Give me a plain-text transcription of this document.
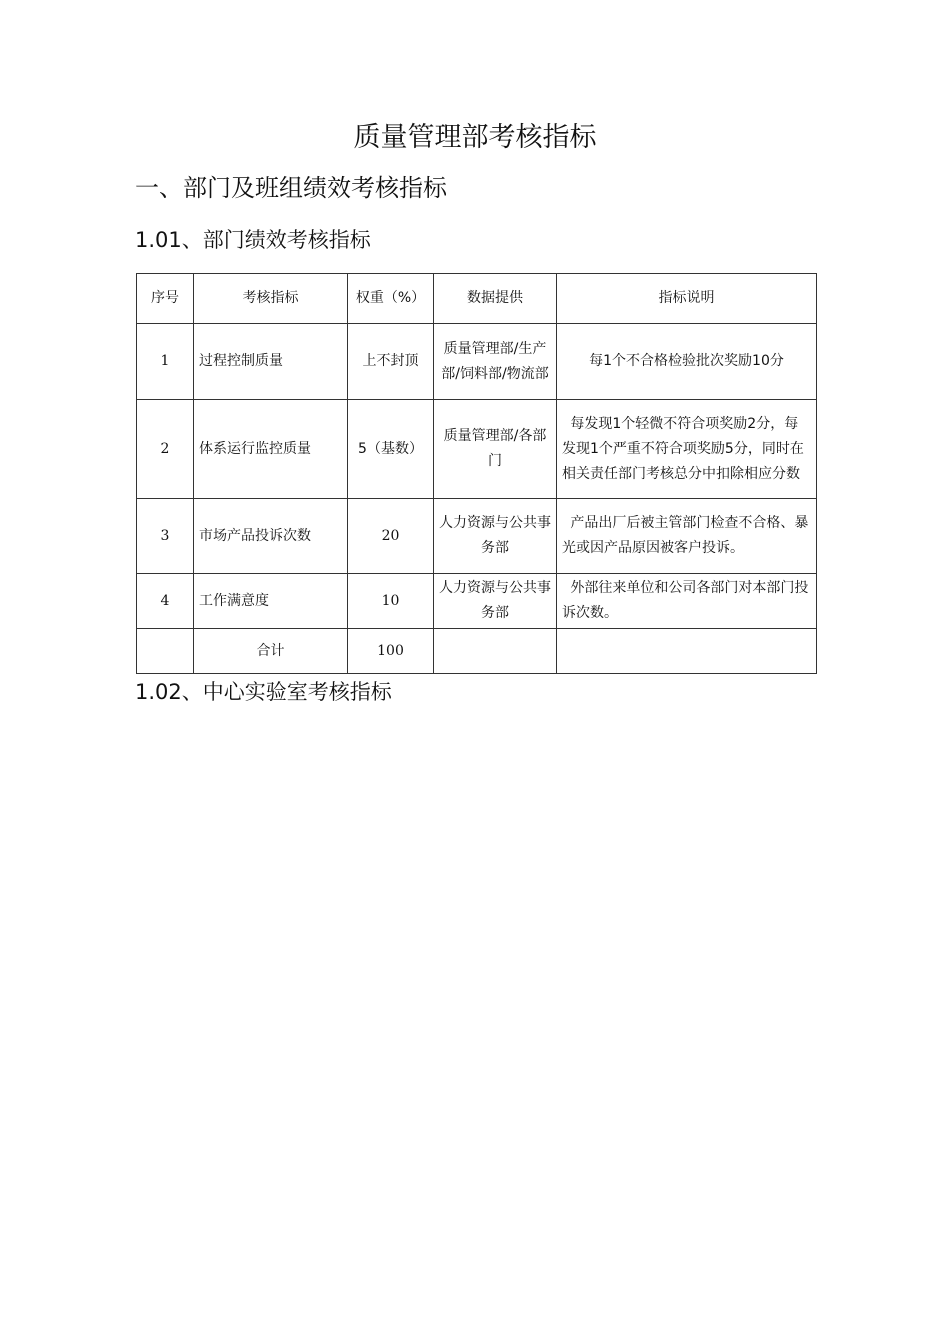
质量管理部考核指标
一、部门及班组绩效考核指标
1.01、部门绩效考核指标
序号	考核指标	权重（%）	数据提供	指标说明
1	过程控制质量	上不封顶	质量管理部/生产部/饲料部/物流部	每1个不合格检验批次奖励10分
2	体系运行监控质量	5（基数）	质量管理部/各部门	每发现1个轻微不符合项奖励2分，每发现1个严重不符合项奖励5分，同时在相关责任部门考核总分中扣除相应分数
3	市场产品投诉次数	20	人力资源与公共事务部	产品出厂后被主管部门检查不合格、暴光或因产品原因被客户投诉。
4	工作满意度	10	人力资源与公共事务部	外部往来单位和公司各部门对本部门投诉次数。
	合计	100		
1.02、中心实验室考核指标
